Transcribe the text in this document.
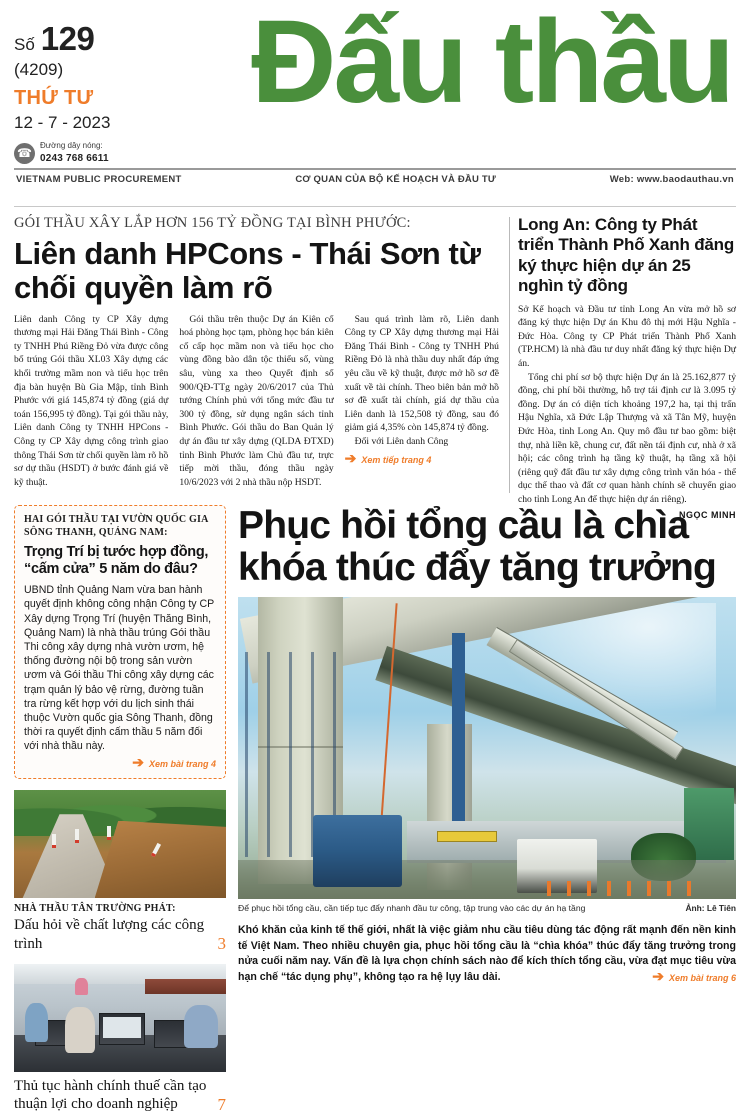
Số 129
(4209)
THỨ TƯ
12 - 7 - 2023
☎
Đường dây nóng:
0243 768 6611
Đấu thầu
VIETNAM PUBLIC PROCUREMENT	CƠ QUAN CỦA BỘ KẾ HOẠCH VÀ ĐẦU TƯ	Web: www.baodauthau.vn
GÓI THẦU XÂY LẮP HƠN 156 TỶ ĐỒNG TẠI BÌNH PHƯỚC:
Liên danh HPCons - Thái Sơn từ chối quyền làm rõ

Liên danh Công ty CP Xây dựng thương mại Hải Đăng Thái Bình - Công ty TNHH Phú Riềng Đỏ vừa được công bố trúng Gói thầu XL03 Xây dựng các khối trường mầm non và tiểu học trên địa bàn huyện Bù Gia Mập, tỉnh Bình Phước với giá 145,874 tỷ đồng (giá dự toán 156,995 tỷ đồng). Tại gói thầu này, Liên danh Công ty TNHH HPCons - Công ty CP Xây dựng công trình giao thông Thái Sơn từ chối quyền làm rõ hồ sơ dự thầu (HSDT) ở bước đánh giá về kỹ thuật.

Gói thầu trên thuộc Dự án Kiên cố hoá phòng học tạm, phòng học bán kiên cố cấp học mầm non và tiểu học cho vùng đồng bào dân tộc thiểu số, vùng sâu, vùng xa theo Quyết định số 900/QĐ-TTg ngày 20/6/2017 của Thủ tướng Chính phủ với tổng mức đầu tư 300 tỷ đồng, sử dụng ngân sách tỉnh Bình Phước. Gói thầu do Ban Quản lý dự án đầu tư xây dựng (QLDA ĐTXD) tỉnh Bình Phước làm Chủ đầu tư, trực tiếp mời thầu, đóng thầu ngày 10/6/2023 với 2 nhà thầu nộp HSDT.

Sau quá trình làm rõ, Liên danh Công ty CP Xây dựng thương mại Hải Đăng Thái Bình - Công ty TNHH Phú Riềng Đỏ là nhà thầu duy nhất đáp ứng yêu cầu về kỹ thuật, được mở hồ sơ đề xuất về tài chính. Theo biên bản mở hồ sơ đề xuất tài chính, giá dự thầu của Liên danh là 152,508 tỷ đồng, sau đó giảm giá 4,35% còn 145,874 tỷ đồng.

Đối với Liên danh Công

➔ Xem tiếp trang 4
Long An: Công ty Phát triển Thành Phố Xanh đăng ký thực hiện dự án 25 nghìn tỷ đồng

Sở Kế hoạch và Đầu tư tỉnh Long An vừa mở hồ sơ đăng ký thực hiện Dự án Khu đô thị mới Hậu Nghĩa - Đức Hòa. Công ty CP Phát triển Thành Phố Xanh (TP.HCM) là nhà đầu tư duy nhất đăng ký thực hiện Dự án.

Tổng chi phí sơ bộ thực hiện Dự án là 25.162,877 tỷ đồng, chi phí bồi thường, hỗ trợ tái định cư là 3.095 tỷ đồng. Dự án có diện tích khoảng 197,2 ha, tại thị trấn Hậu Nghĩa, xã Đức Lập Thượng và xã Tân Mỹ, huyện Đức Hòa, tỉnh Long An. Quy mô đầu tư bao gồm: biệt thự, nhà liền kề, chung cư, đất nền tái định cư, nhà ở xã hội; các công trình hạ tầng kỹ thuật, hạ tầng xã hội (riêng quỹ đất đầu tư xây dựng công trình văn hóa - thể dục thể thao và đất cơ quan hành chính sẽ chuyển giao cho tỉnh Long An để thực hiện dự án riêng).

NGỌC MINH
HAI GÓI THẦU TẠI VƯỜN QUỐC GIA SÔNG THANH, QUẢNG NAM:
Trọng Trí bị tước hợp đồng, “cấm cửa” 5 năm do đâu?
UBND tỉnh Quảng Nam vừa ban hành quyết định không công nhận Công ty CP Xây dựng Trọng Trí (huyện Thăng Bình, Quảng Nam) là nhà thầu trúng Gói thầu Thi công xây dựng nhà vườn ươm, hệ thống đường nội bộ trong sản vườn ươm và Gói thầu Thi công xây dựng các trạm quản lý bảo vệ rừng, đường tuần tra rừng kết hợp với du lịch sinh thái thuộc Vườn quốc gia Sông Thanh, đồng thời ra quyết định cấm thầu 5 năm đối với nhà thầu này.
➔ Xem bài trang 4
NHÀ THẦU TÂN TRƯỜNG PHÁT:
Dấu hỏi về chất lượng các công trình	3
Thủ tục hành chính thuế cần tạo thuận lợi cho doanh nghiệp	7
Phục hồi tổng cầu là chìa khóa thúc đẩy tăng trưởng
Để phục hồi tổng cầu, cần tiếp tục đẩy nhanh đầu tư công, tập trung vào các dự án hạ tầng	Ảnh: Lê Tiên
Khó khăn của kinh tế thế giới, nhất là việc giảm nhu cầu tiêu dùng tác động rất mạnh đến nền kinh tế Việt Nam. Theo nhiều chuyên gia, phục hồi tổng cầu là “chìa khóa” thúc đẩy tăng trưởng trong nửa cuối năm nay. Vấn đề là lựa chọn chính sách nào để kích thích tổng cầu, vừa đạt mục tiêu vừa hạn chế “tác dụng phụ”, không tạo ra hệ lụy lâu dài.	➔ Xem bài trang 6
